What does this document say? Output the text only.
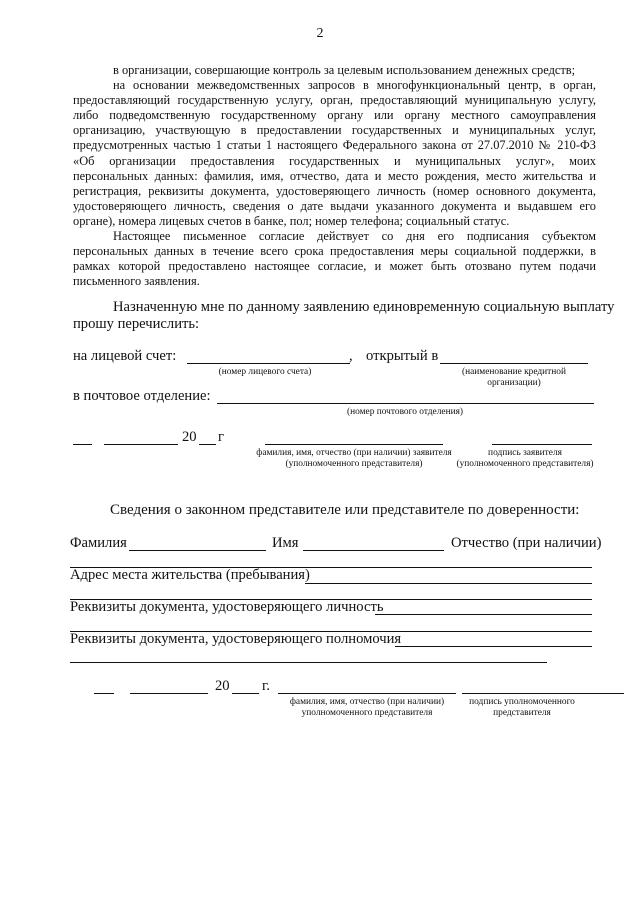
2
в организации, совершающие контроль за целевым использованием денежных средств;
на основании межведомственных запросов в многофункциональный центр, в орган,
предоставляющий государственную услугу, орган, предоставляющий муниципальную услугу,
либо подведомственную государственному органу или органу местного самоуправления
организацию, участвующую в предоставлении государственных и муниципальных услуг,
предусмотренных частью 1 статьи 1 настоящего Федерального закона от 27.07.2010 № 210-ФЗ
«Об организации предоставления государственных и муниципальных услуг», моих
персональных данных: фамилия, имя, отчество, дата и место рождения, место жительства и
регистрация, реквизиты документа, удостоверяющего личность (номер основного документа,
удостоверяющего личность, сведения о дате выдачи указанного документа и выдавшем его
органе), номера лицевых счетов в банке, пол; номер телефона; социальный статус.
Настоящее письменное согласие действует со дня его подписания субъектом
персональных данных в течение всего срока предоставления меры социальной поддержки, в
рамках которой предоставлено настоящее согласие, и может быть отозвано путем подачи
письменного заявления.
Назначенную мне по данному заявлению единовременную социальную выплату
прошу перечислить:
на лицевой счет:	,
(номер лицевого счета)
открытый в
(наименование кредитной
организации)
в почтовое отделение:
(номер почтового отделения)
20 г
фамилия, имя, отчество (при наличии) заявителя
(уполномоченного представителя)
подпись заявителя
(уполномоченного представителя)
Сведения о законном представителе или представителе по доверенности:
Фамилия	Имя	Отчество (при наличии)
Адрес места жительства (пребывания)
Реквизиты документа, удостоверяющего личность
Реквизиты документа, удостоверяющего полномочия
20 г.
фамилия, имя, отчество (при наличии)
уполномоченного представителя
подпись уполномоченного
представителя
